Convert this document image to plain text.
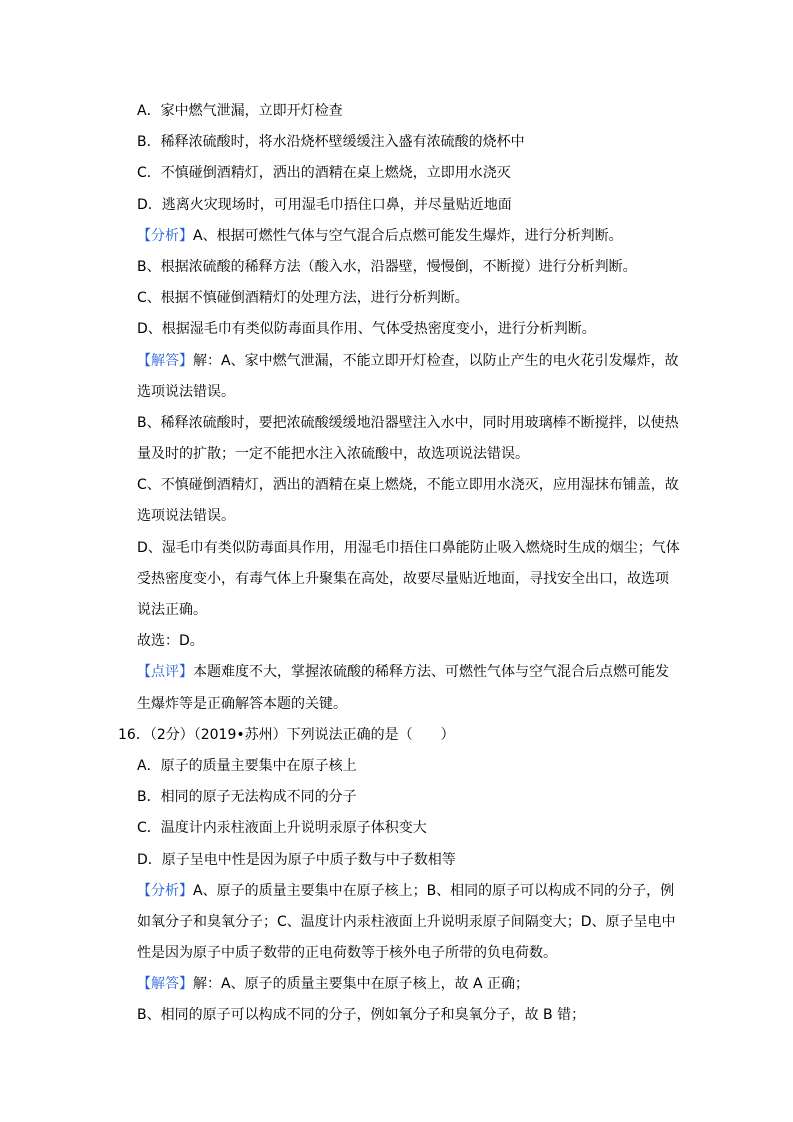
A．家中燃气泄漏，立即开灯检查
B．稀释浓硫酸时，将水沿烧杯壁缓缓注入盛有浓硫酸的烧杯中
C．不慎碰倒酒精灯，洒出的酒精在桌上燃烧，立即用水浇灭
D．逃离火灾现场时，可用湿毛巾捂住口鼻，并尽量贴近地面
【分析】A、根据可燃性气体与空气混合后点燃可能发生爆炸，进行分析判断。
B、根据浓硫酸的稀释方法（酸入水，沿器壁，慢慢倒，不断搅）进行分析判断。
C、根据不慎碰倒酒精灯的处理方法，进行分析判断。
D、根据湿毛巾有类似防毒面具作用、气体受热密度变小，进行分析判断。
【解答】解：A、家中燃气泄漏，不能立即开灯检查，以防止产生的电火花引发爆炸，故
选项说法错误。
B、稀释浓硫酸时，要把浓硫酸缓缓地沿器壁注入水中，同时用玻璃棒不断搅拌，以使热
量及时的扩散；一定不能把水注入浓硫酸中，故选项说法错误。
C、不慎碰倒酒精灯，洒出的酒精在桌上燃烧，不能立即用水浇灭，应用湿抹布铺盖，故
选项说法错误。
D、湿毛巾有类似防毒面具作用，用湿毛巾捂住口鼻能防止吸入燃烧时生成的烟尘；气体
受热密度变小，有毒气体上升聚集在高处，故要尽量贴近地面，寻找安全出口，故选项
说法正确。
故选：D。
【点评】本题难度不大，掌握浓硫酸的稀释方法、可燃性气体与空气混合后点燃可能发
生爆炸等是正确解答本题的关键。
16．（2分）（2019•苏州）下列说法正确的是（　　）
A．原子的质量主要集中在原子核上
B．相同的原子无法构成不同的分子
C．温度计内汞柱液面上升说明汞原子体积变大
D．原子呈电中性是因为原子中质子数与中子数相等
【分析】A、原子的质量主要集中在原子核上；B、相同的原子可以构成不同的分子，例
如氧分子和臭氧分子；C、温度计内汞柱液面上升说明汞原子间隔变大；D、原子呈电中
性是因为原子中质子数带的正电荷数等于核外电子所带的负电荷数。
【解答】解：A、原子的质量主要集中在原子核上，故 A 正确；
B、相同的原子可以构成不同的分子，例如氧分子和臭氧分子，故 B 错；
